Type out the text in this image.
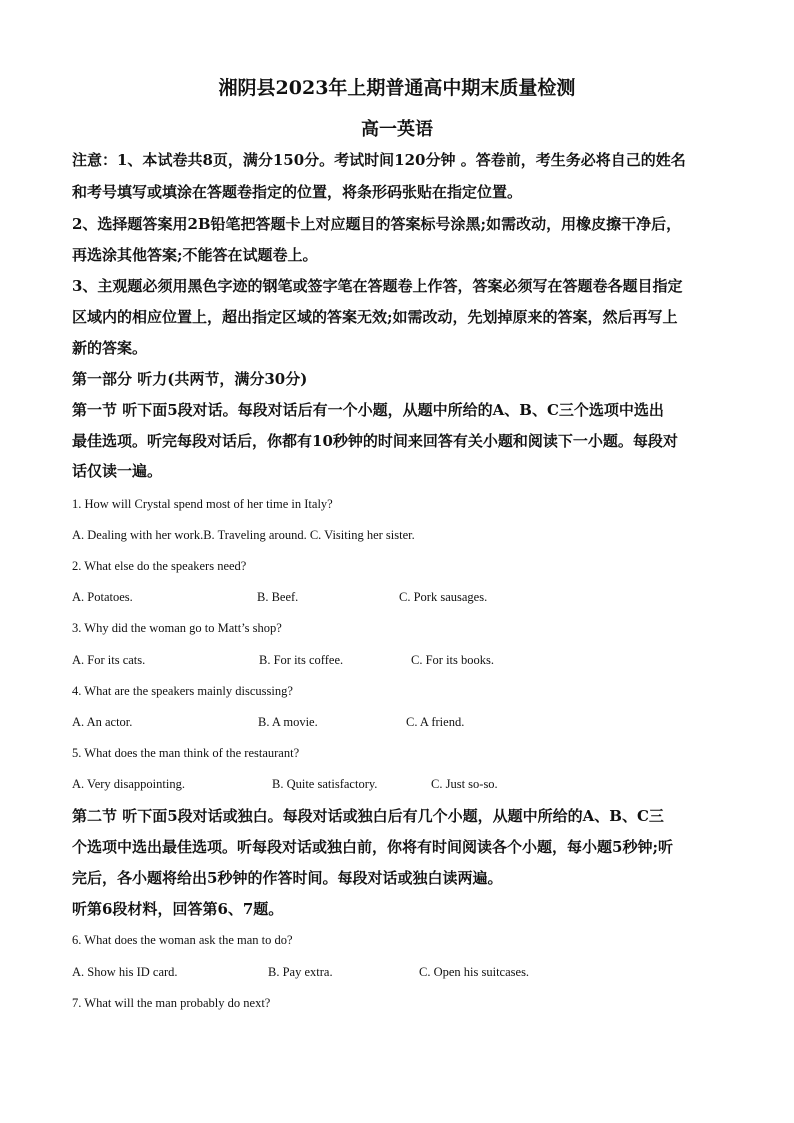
湘阴县2023年上期普通高中期末质量检测
高一英语
注意：1、本试卷共8页，满分150分。考试时间120分钟 。答卷前，考生务必将自己的姓名
和考号填写或填涂在答题卷指定的位置，将条形码张贴在指定位置。
2、选择题答案用2B铅笔把答题卡上对应题目的答案标号涂黑;如需改动，用橡皮擦干净后，
再选涂其他答案;不能答在试题卷上。
3、主观题必须用黑色字迹的钢笔或签字笔在答题卷上作答，答案必须写在答题卷各题目指定
区域内的相应位置上，超出指定区域的答案无效;如需改动，先划掉原来的答案，然后再写上
新的答案。
第一部分 听力(共两节，满分30分)
第一节 听下面5段对话。每段对话后有一个小题，从题中所给的A、B、C三个选项中选出
最佳选项。听完每段对话后，你都有10秒钟的时间来回答有关小题和阅读下一小题。每段对
话仅读一遍。
1. How will Crystal spend most of her time in Italy?
A. Dealing with her work.B. Traveling around. C. Visiting her sister.
2. What else do the speakers need?
A. Potatoes.	B. Beef.	C. Pork sausages.
3. Why did the woman go to Matt’s shop?
A. For its cats.	B. For its coffee.	C. For its books.
4. What are the speakers mainly discussing?
A. An actor.	B. A movie.	C. A friend.
5. What does the man think of the restaurant?
A. Very disappointing.	B. Quite satisfactory.	C. Just so-so.
第二节 听下面5段对话或独白。每段对话或独白后有几个小题，从题中所给的A、B、C三
个选项中选出最佳选项。听每段对话或独白前，你将有时间阅读各个小题，每小题5秒钟;听
完后，各小题将给出5秒钟的作答时间。每段对话或独白读两遍。
听第6段材料，回答第6、7题。
6. What does the woman ask the man to do?
A. Show his ID card.	B. Pay extra.	C. Open his suitcases.
7. What will the man probably do next?
